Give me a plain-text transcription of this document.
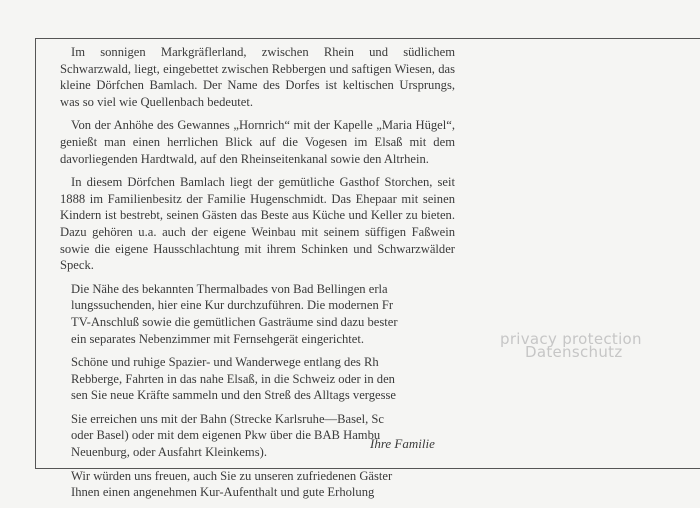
Im sonnigen Markgräflerland, zwischen Rhein und südlichem Schwarzwald, liegt, eingebettet zwischen Rebbergen und saftigen Wiesen, das kleine Dörfchen Bamlach. Der Name des Dorfes ist keltischen Ursprungs, was so viel wie Quellenbach bedeutet.

Von der Anhöhe des Gewannes „Hornrich“ mit der Kapelle „Maria Hügel“, genießt man einen herrlichen Blick auf die Vogesen im Elsaß mit dem davorliegenden Hardtwald, auf den Rheinseitenkanal sowie den Altrhein.

In diesem Dörfchen Bamlach liegt der gemütliche Gasthof Storchen, seit 1888 im Familienbesitz der Familie Hugenschmidt. Das Ehepaar mit seinen Kindern ist bestrebt, seinen Gästen das Beste aus Küche und Keller zu bieten. Dazu gehören u.a. auch der eigene Weinbau mit seinem süffigen Faßwein sowie die eigene Hausschlachtung mit ihrem Schinken und Schwarzwälder Speck.

Die Nähe des bekannten Thermalbades von Bad Bellingen erla
lungssuchenden, hier eine Kur durchzuführen. Die modernen Fr
TV-Anschluß sowie die gemütlichen Gasträume sind dazu bester
ein separates Nebenzimmer mit Fernsehgerät eingerichtet.

Schöne und ruhige Spazier- und Wanderwege entlang des Rh
Rebberge, Fahrten in das nahe Elsaß, in die Schweiz oder in den
sen Sie neue Kräfte sammeln und den Streß des Alltags vergesse

Sie erreichen uns mit der Bahn (Strecke Karlsruhe—Basel, Sc
oder Basel) oder mit dem eigenen Pkw über die BAB Hambu
Neuenburg, oder Ausfahrt Kleinkems).

Wir würden uns freuen, auch Sie zu unseren zufriedenen Gäster
Ihnen einen angenehmen Kur-Aufenthalt und gute Erholung

Ihre Familie
privacy protection
Datenschutz
